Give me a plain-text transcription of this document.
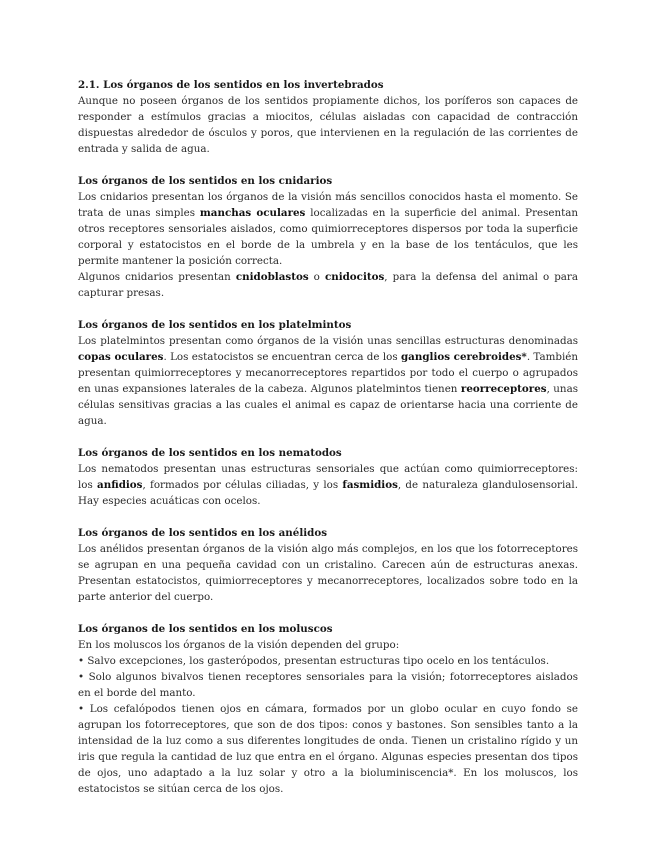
2.1. Los órganos de los sentidos en los invertebrados

Aunque no poseen órganos de los sentidos propiamente dichos, los poríferos son capaces de responder a estímulos gracias a miocitos, células aisladas con capacidad de contracción dispuestas alrededor de ósculos y poros, que intervienen en la regulación de las corrientes de entrada y salida de agua.

Los órganos de los sentidos en los cnidarios

Los cnidarios presentan los órganos de la visión más sencillos conocidos hasta el momento. Se trata de unas simples manchas oculares localizadas en la superficie del animal. Presentan otros receptores sensoriales aislados, como quimiorreceptores dispersos por toda la superficie corporal y estatocistos en el borde de la umbrela y en la base de los tentáculos, que les permite mantener la posición correcta.

Algunos cnidarios presentan cnidoblastos o cnidocitos, para la defensa del animal o para capturar presas.

Los órganos de los sentidos en los platelmintos

Los platelmintos presentan como órganos de la visión unas sencillas estructuras denominadas copas oculares. Los estatocistos se encuentran cerca de los ganglios cerebroides*. También presentan quimiorreceptores y mecanorreceptores repartidos por todo el cuerpo o agrupados en unas expansiones laterales de la cabeza. Algunos platelmintos tienen reorreceptores, unas células sensitivas gracias a las cuales el animal es capaz de orientarse hacia una corriente de agua.

Los órganos de los sentidos en los nematodos

Los nematodos presentan unas estructuras sensoriales que actúan como quimiorreceptores: los anfidios, formados por células ciliadas, y los fasmidios, de naturaleza glandulosensorial. Hay especies acuáticas con ocelos.

Los órganos de los sentidos en los anélidos

Los anélidos presentan órganos de la visión algo más complejos, en los que los fotorreceptores se agrupan en una pequeña cavidad con un cristalino. Carecen aún de estructuras anexas. Presentan estatocistos, quimiorreceptores y mecanorreceptores, localizados sobre todo en la parte anterior del cuerpo.

Los órganos de los sentidos en los moluscos

En los moluscos los órganos de la visión dependen del grupo:

• Salvo excepciones, los gasterópodos, presentan estructuras tipo ocelo en los tentáculos.

• Solo algunos bivalvos tienen receptores sensoriales para la visión; fotorreceptores aislados en el borde del manto.

• Los cefalópodos tienen ojos en cámara, formados por un globo ocular en cuyo fondo se agrupan los fotorreceptores, que son de dos tipos: conos y bastones. Son sensibles tanto a la intensidad de la luz como a sus diferentes longitudes de onda. Tienen un cristalino rígido y un iris que regula la cantidad de luz que entra en el órgano. Algunas especies presentan dos tipos de ojos, uno adaptado a la luz solar y otro a la bioluminiscencia*. En los moluscos, los estatocistos se sitúan cerca de los ojos.
